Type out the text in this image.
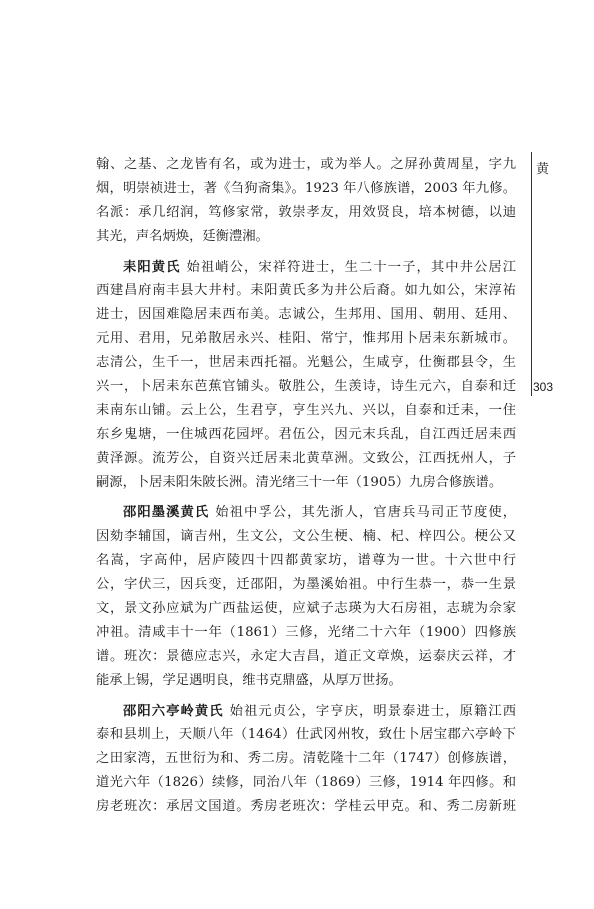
黄
303
翰、之基、之龙皆有名，或为进士，或为举人。之屏孙黄周星，字九
烟，明崇祯进士，著《刍狗斋集》。1923 年八修族谱，2003 年九修。
名派：承几绍润，笃修家常，敦崇孝友，用效贤良，培本树德，以迪
其光，声名炳焕，廷衡澧湘。
耒阳黄氏 始祖峭公，宋祥符进士，生二十一子，其中井公居江
西建昌府南丰县大井村。耒阳黄氏多为井公后裔。如九如公，宋淳祐
进士，因国难隐居耒西布美。志诚公，生邦用、国用、朝用、廷用、
元用、君用，兄弟散居永兴、桂阳、常宁，惟邦用卜居耒东新城市。
志清公，生千一，世居耒西托福。光魁公，生咸亨，仕衡郡县令，生
兴一，卜居耒东芭蕉官铺头。敬胜公，生羡诗，诗生元六，自泰和迁
耒南东山铺。云上公，生君亨，亨生兴九、兴以，自泰和迁耒，一住
东乡鬼塘，一住城西花园坪。君伍公，因元末兵乱，自江西迁居耒西
黄泽源。流芳公，自资兴迁居耒北黄草洲。文致公，江西抚州人，子
嗣源，卜居耒阳朱陂长洲。清光绪三十一年（1905）九房合修族谱。
邵阳墨溪黄氏 始祖中孚公，其先浙人，官唐兵马司正节度使，
因劾李辅国，谪吉州，生文公，文公生梗、楠、杞、梓四公。梗公又
名嵩，字高仲，居庐陵四十四都黄家坊，谱尊为一世。十六世中行
公，字伏三，因兵变，迁邵阳，为墨溪始祖。中行生恭一，恭一生景
文，景文孙应斌为广西盐运使，应斌子志瑛为大石房祖，志琥为佘家
冲祖。清咸丰十一年（1861）三修，光绪二十六年（1900）四修族
谱。班次：景德应志兴，永定大吉昌，道正文章焕，运泰庆云祥，才
能承上锡，学足遇明良，维书克鼎盛，从厚万世扬。
邵阳六亭岭黄氏 始祖元贞公，字亨庆，明景泰进士，原籍江西
泰和县圳上，天顺八年（1464）仕武冈州牧，致仕卜居宝郡六亭岭下
之田家湾，五世衍为和、秀二房。清乾隆十二年（1747）创修族谱，
道光六年（1826）续修，同治八年（1869）三修，1914 年四修。和
房老班次：承居文国道。秀房老班次：学桂云甲克。和、秀二房新班
